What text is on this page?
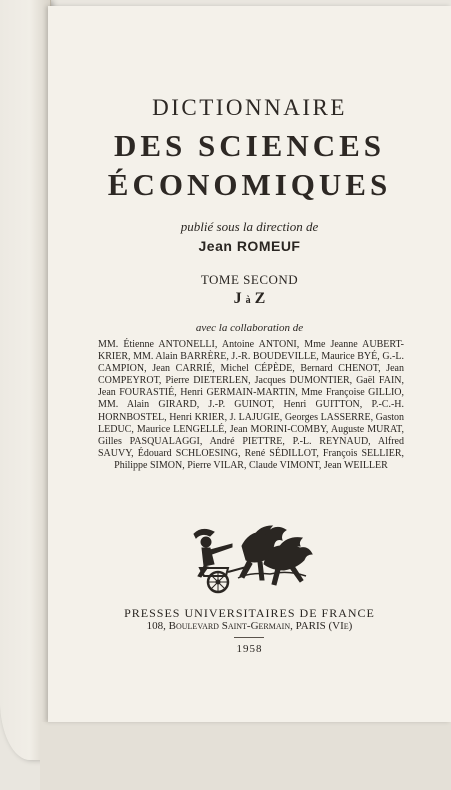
DICTIONNAIRE
DES SCIENCES
ÉCONOMIQUES
publié sous la direction de
Jean ROMEUF
TOME SECOND
J à Z
avec la collaboration de
MM. Étienne ANTONELLI, Antoine ANTONI, Mme Jeanne AUBERT-KRIER, MM. Alain BARRÈRE, J.-R. BOUDEVILLE, Maurice BYÉ, G.-L. CAMPION, Jean CARRIÉ, Michel CÉPÈDE, Bernard CHENOT, Jean COMPEYROT, Pierre DIETERLEN, Jacques DUMONTIER, Gaël FAIN, Jean FOURASTIÉ, Henri GERMAIN-MARTIN, Mme Françoise GILLIO, MM. Alain GIRARD, J.-P. GUINOT, Henri GUITTON, P.-C.-H. HORNBOSTEL, Henri KRIER, J. LAJUGIE, Georges LASSERRE, Gaston LEDUC, Maurice LENGELLÉ, Jean MORINI-COMBY, Auguste MURAT, Gilles PASQUALAGGI, André PIETTRE, P.-L. REYNAUD, Alfred SAUVY, Édouard SCHLOESING, René SÉDILLOT, François SELLIER, Philippe SIMON, Pierre VILAR, Claude VIMONT, Jean WEILLER
PRESSES UNIVERSITAIRES DE FRANCE
108, Boulevard Saint-Germain, PARIS (VIe)
1958
